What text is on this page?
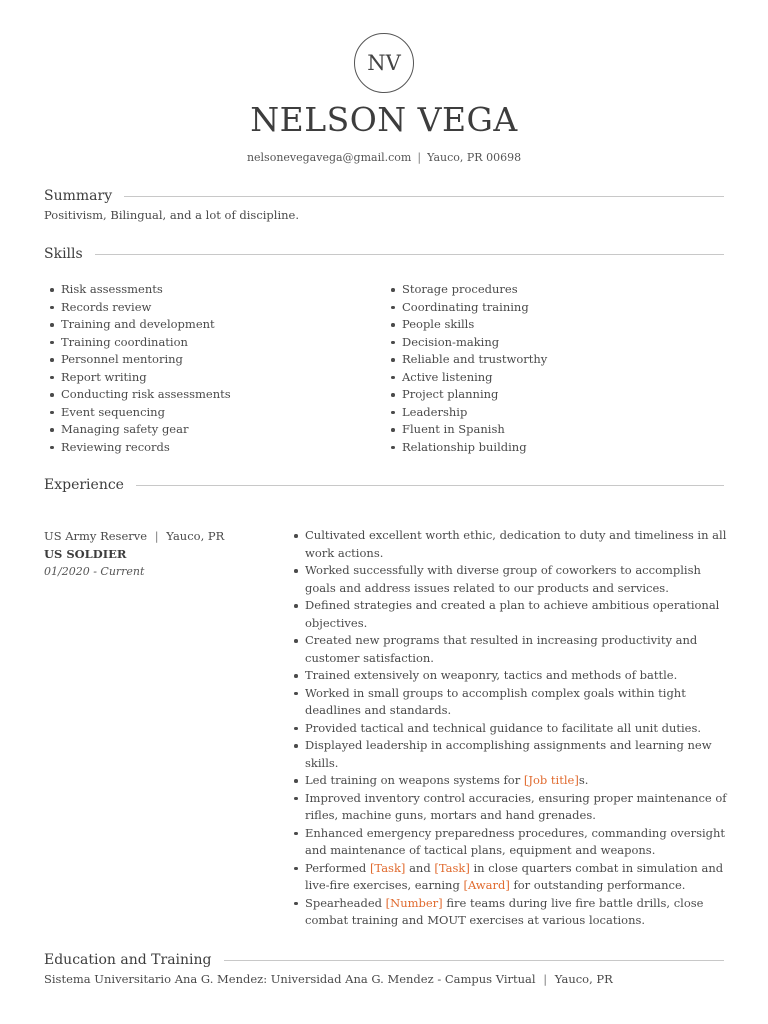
NV
NELSON VEGA
nelsonevegavega@gmail.com | Yauco, PR 00698
Summary
Positivism, Bilingual, and a lot of discipline.
Skills
Risk assessments
Records review
Training and development
Training coordination
Personnel mentoring
Report writing
Conducting risk assessments
Event sequencing
Managing safety gear
Reviewing records
Storage procedures
Coordinating training
People skills
Decision-making
Reliable and trustworthy
Active listening
Project planning
Leadership
Fluent in Spanish
Relationship building
Experience
US Army Reserve | Yauco, PR
US SOLDIER
01/2020 - Current
Cultivated excellent worth ethic, dedication to duty and timeliness in all work actions.
Worked successfully with diverse group of coworkers to accomplish goals and address issues related to our products and services.
Defined strategies and created a plan to achieve ambitious operational objectives.
Created new programs that resulted in increasing productivity and customer satisfaction.
Trained extensively on weaponry, tactics and methods of battle.
Worked in small groups to accomplish complex goals within tight deadlines and standards.
Provided tactical and technical guidance to facilitate all unit duties.
Displayed leadership in accomplishing assignments and learning new skills.
Led training on weapons systems for [Job title]s.
Improved inventory control accuracies, ensuring proper maintenance of rifles, machine guns, mortars and hand grenades.
Enhanced emergency preparedness procedures, commanding oversight and maintenance of tactical plans, equipment and weapons.
Performed [Task] and [Task] in close quarters combat in simulation and live-fire exercises, earning [Award] for outstanding performance.
Spearheaded [Number] fire teams during live fire battle drills, close combat training and MOUT exercises at various locations.
Education and Training
Sistema Universitario Ana G. Mendez: Universidad Ana G. Mendez - Campus Virtual | Yauco, PR
